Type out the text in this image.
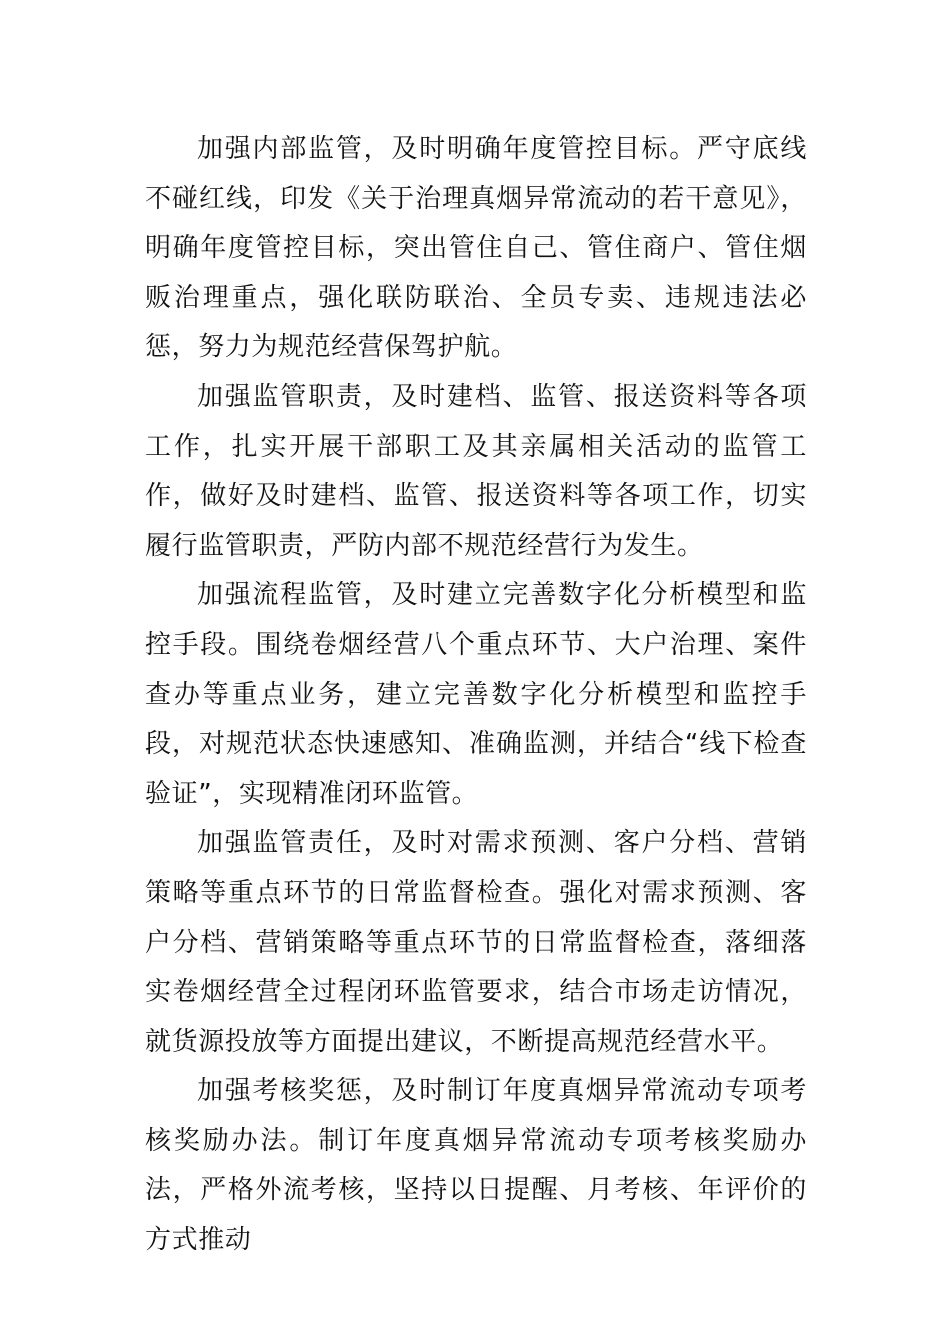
加强内部监管，及时明确年度管控目标。严守底线不碰红线，印发《关于治理真烟异常流动的若干意见》，明确年度管控目标，突出管住自己、管住商户、管住烟贩治理重点，强化联防联治、全员专卖、违规违法必惩，努力为规范经营保驾护航。

加强监管职责，及时建档、监管、报送资料等各项工作，扎实开展干部职工及其亲属相关活动的监管工作，做好及时建档、监管、报送资料等各项工作，切实履行监管职责，严防内部不规范经营行为发生。

加强流程监管，及时建立完善数字化分析模型和监控手段。围绕卷烟经营八个重点环节、大户治理、案件查办等重点业务，建立完善数字化分析模型和监控手段，对规范状态快速感知、准确监测，并结合“线下检查验证”，实现精准闭环监管。

加强监管责任，及时对需求预测、客户分档、营销策略等重点环节的日常监督检查。强化对需求预测、客户分档、营销策略等重点环节的日常监督检查，落细落实卷烟经营全过程闭环监管要求，结合市场走访情况，就货源投放等方面提出建议，不断提高规范经营水平。

加强考核奖惩，及时制订年度真烟异常流动专项考核奖励办法。制订年度真烟异常流动专项考核奖励办法，严格外流考核，坚持以日提醒、月考核、年评价的方式推动
